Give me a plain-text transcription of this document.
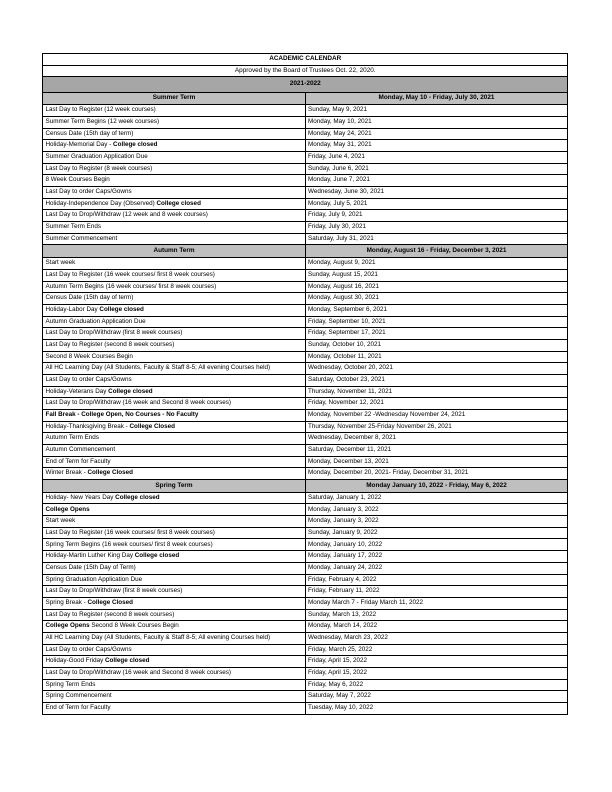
ACADEMIC CALENDAR	
Approved by the Board of Trustees Oct. 22, 2020.	
2021-2022	
Summer Term	Monday, May 10 - Friday, July 30, 2021
Last Day to Register (12 week courses)	Sunday, May 9, 2021
Summer Term Begins (12 week courses)	Monday, May 10, 2021
Census Date (15th day of term)	Monday, May 24, 2021
Holiday-Memorial Day - College closed	Monday, May 31, 2021
Summer Graduation Application Due	Friday, June 4, 2021
Last Day to Register (8 week courses)	Sunday, June 6, 2021
8 Week Courses Begin	Monday, June 7, 2021
Last Day to order Caps/Gowns	Wednesday, June 30, 2021
Holiday-Independence Day (Observed) College closed	Monday, July 5, 2021
Last Day to Drop/Withdraw (12 week and 8 week courses)	Friday, July 9, 2021
Summer Term Ends	Friday, July 30, 2021
Summer Commencement	Saturday, July 31, 2021
Autumn Term	Monday, August 16 - Friday, December 3, 2021
Start week	Monday, August 9, 2021
Last Day to Register (16 week courses/ first 8 week courses)	Sunday, August 15, 2021
Autumn Term Begins (16 week courses/ first 8 week courses)	Monday, August 16, 2021
Census Date (15th day of term)	Monday, August 30, 2021
Holiday-Labor Day College closed	Monday, September 6, 2021
Autumn Graduation Application Due	Friday, September 10, 2021
Last Day to Drop/Withdraw (first 8 week courses)	Friday, September 17, 2021
Last Day to Register (second 8 week courses)	Sunday, October 10, 2021
Second 8 Week Courses Begin	Monday, October 11, 2021
All HC Learning Day (All Students, Faculty & Staff 8-5; All evening Courses held)	Wednesday, October 20, 2021
Last Day to order Caps/Gowns	Saturday, October 23, 2021
Holiday-Veterans Day College closed	Thursday, November 11, 2021
Last Day to Drop/Withdraw (16 week and Second 8 week courses)	Friday, November 12, 2021
Fall Break - College Open, No Courses - No Faculty	Monday, November 22 -Wednesday November 24, 2021
Holiday-Thanksgiving Break - College Closed	Thursday, November 25-Friday November 26, 2021
Autumn Term Ends	Wednesday, December 8, 2021
Autumn Commencement	Saturday, December 11, 2021
End of Term for Faculty	Monday, December 13, 2021
Winter Break - College Closed	Monday, December 20, 2021- Friday, December 31, 2021
Spring Term	Monday January 10, 2022 - Friday, May 6, 2022
Holiday- New Years Day College closed	Saturday, January 1, 2022
College Opens	Monday, January 3, 2022
Start week	Monday, January 3, 2022
Last Day to Register (16 week courses/ first 8 week courses)	Sunday, January 9, 2022
Spring Term Begins (16 week courses/ first 8 week courses)	Monday, January 10, 2022
Holiday-Martin Luther King Day College closed	Monday, January 17, 2022
Census Date (15th Day of Term)	Monday, January 24, 2022
Spring Graduation Application Due	Friday, February 4, 2022
Last Day to Drop/Withdraw (first 8 week courses)	Friday, February 11, 2022
Spring Break - College Closed	Monday March 7 - Friday March 11, 2022
Last Day to Register (second 8 week courses)	Sunday, March 13, 2022
College Opens Second 8 Week Courses Begin	Monday, March 14, 2022
All HC Learning Day (All Students, Faculty & Staff 8-5; All evening Courses held)	Wednesday, March 23, 2022
Last Day to order Caps/Gowns	Friday, March 25, 2022
Holiday-Good Friday College closed	Friday, April 15, 2022
Last Day to Drop/Withdraw (16 week and Second 8 week courses)	Friday, April 15, 2022
Spring Term Ends	Friday, May 6, 2022
Spring Commencement	Saturday, May 7, 2022
End of Term for Faculty	Tuesday, May 10, 2022
